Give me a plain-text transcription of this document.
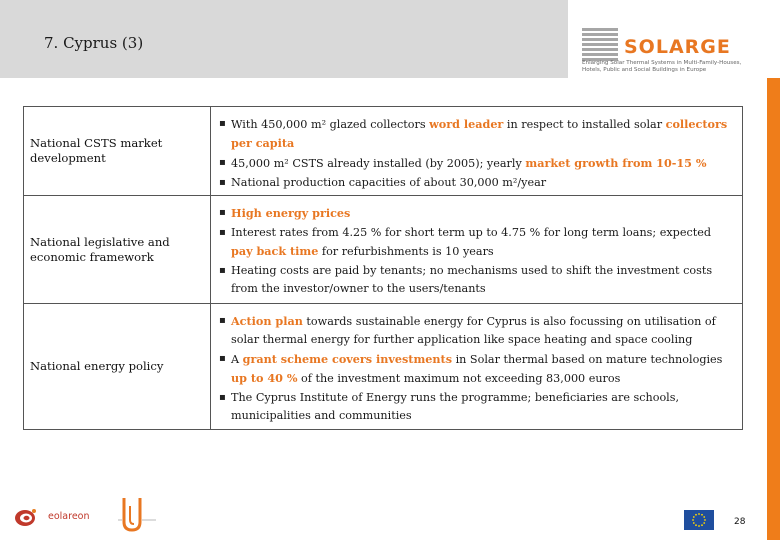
7. Cyprus (3)	SOLARGE
Enlarging Solar Thermal Systems in Multi-Family-Houses, Hotels, Public and Social Buildings in Europe
National CSTS market development
▪ With 450,000 m² glazed collectors word leader in respect to installed solar collectors per capita
▪ 45,000 m² CSTS already installed (by 2005); yearly market growth from 10-15 %
▪ National production capacities of about 30,000 m²/year
National legislative and economic framework
▪ High energy prices
▪ Interest rates from 4.25 % for short term up to 4.75 % for long term loans; expected pay back time for refurbishments is 10 years
▪ Heating costs are paid by tenants; no mechanisms used to shift the investment costs from the investor/owner to the users/tenants
National energy policy
▪ Action plan towards sustainable energy for Cyprus is also focussing on utilisation of solar thermal energy for further application like space heating and space cooling
▪ A grant scheme covers investments in Solar thermal based on mature technologies up to 40 % of the investment maximum not exceeding 83,000 euros
▪ The Cyprus Institute of Energy runs the programme; beneficiaries are schools, municipalities and communities
eolareon	28
